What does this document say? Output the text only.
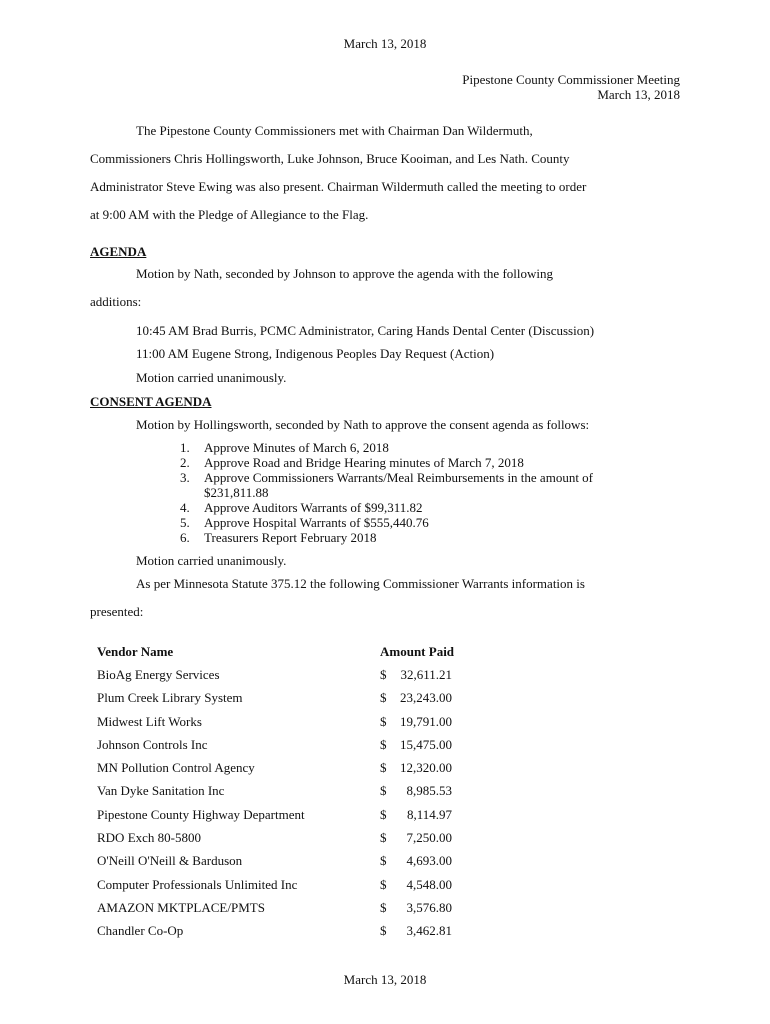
March 13, 2018
Pipestone County Commissioner Meeting
March 13, 2018
The Pipestone County Commissioners met with Chairman Dan Wildermuth,
Commissioners Chris Hollingsworth, Luke Johnson, Bruce Kooiman, and Les Nath. County
Administrator Steve Ewing was also present. Chairman Wildermuth called the meeting to order
at 9:00 AM with the Pledge of Allegiance to the Flag.
AGENDA
Motion by Nath, seconded by Johnson to approve the agenda with the following
additions:
10:45 AM Brad Burris, PCMC Administrator, Caring Hands Dental Center (Discussion)
11:00 AM Eugene Strong, Indigenous Peoples Day Request (Action)
Motion carried unanimously.
CONSENT AGENDA
Motion by Hollingsworth, seconded by Nath to approve the consent agenda as follows:
1. Approve Minutes of March 6, 2018
2. Approve Road and Bridge Hearing minutes of March 7, 2018
3. Approve Commissioners Warrants/Meal Reimbursements in the amount of
$231,811.88
4. Approve Auditors Warrants of $99,311.82
5. Approve Hospital Warrants of $555,440.76
6. Treasurers Report February 2018
Motion carried unanimously.
As per Minnesota Statute 375.12 the following Commissioner Warrants information is
presented:
Vendor Name	Amount Paid
BioAg Energy Services	$ 32,611.21

Plum Creek Library System	$ 23,243.00

Midwest Lift Works	$ 19,791.00

Johnson Controls Inc	$ 15,475.00

MN Pollution Control Agency	$ 12,320.00

Van Dyke Sanitation Inc	$ 8,985.53

Pipestone County Highway Department	$ 8,114.97

RDO Exch 80-5800	$ 7,250.00

O'Neill O'Neill & Barduson	$ 4,693.00

Computer Professionals Unlimited Inc	$ 4,548.00

AMAZON MKTPLACE/PMTS	$ 3,576.80

Chandler Co-Op	$ 3,462.81
March 13, 2018
